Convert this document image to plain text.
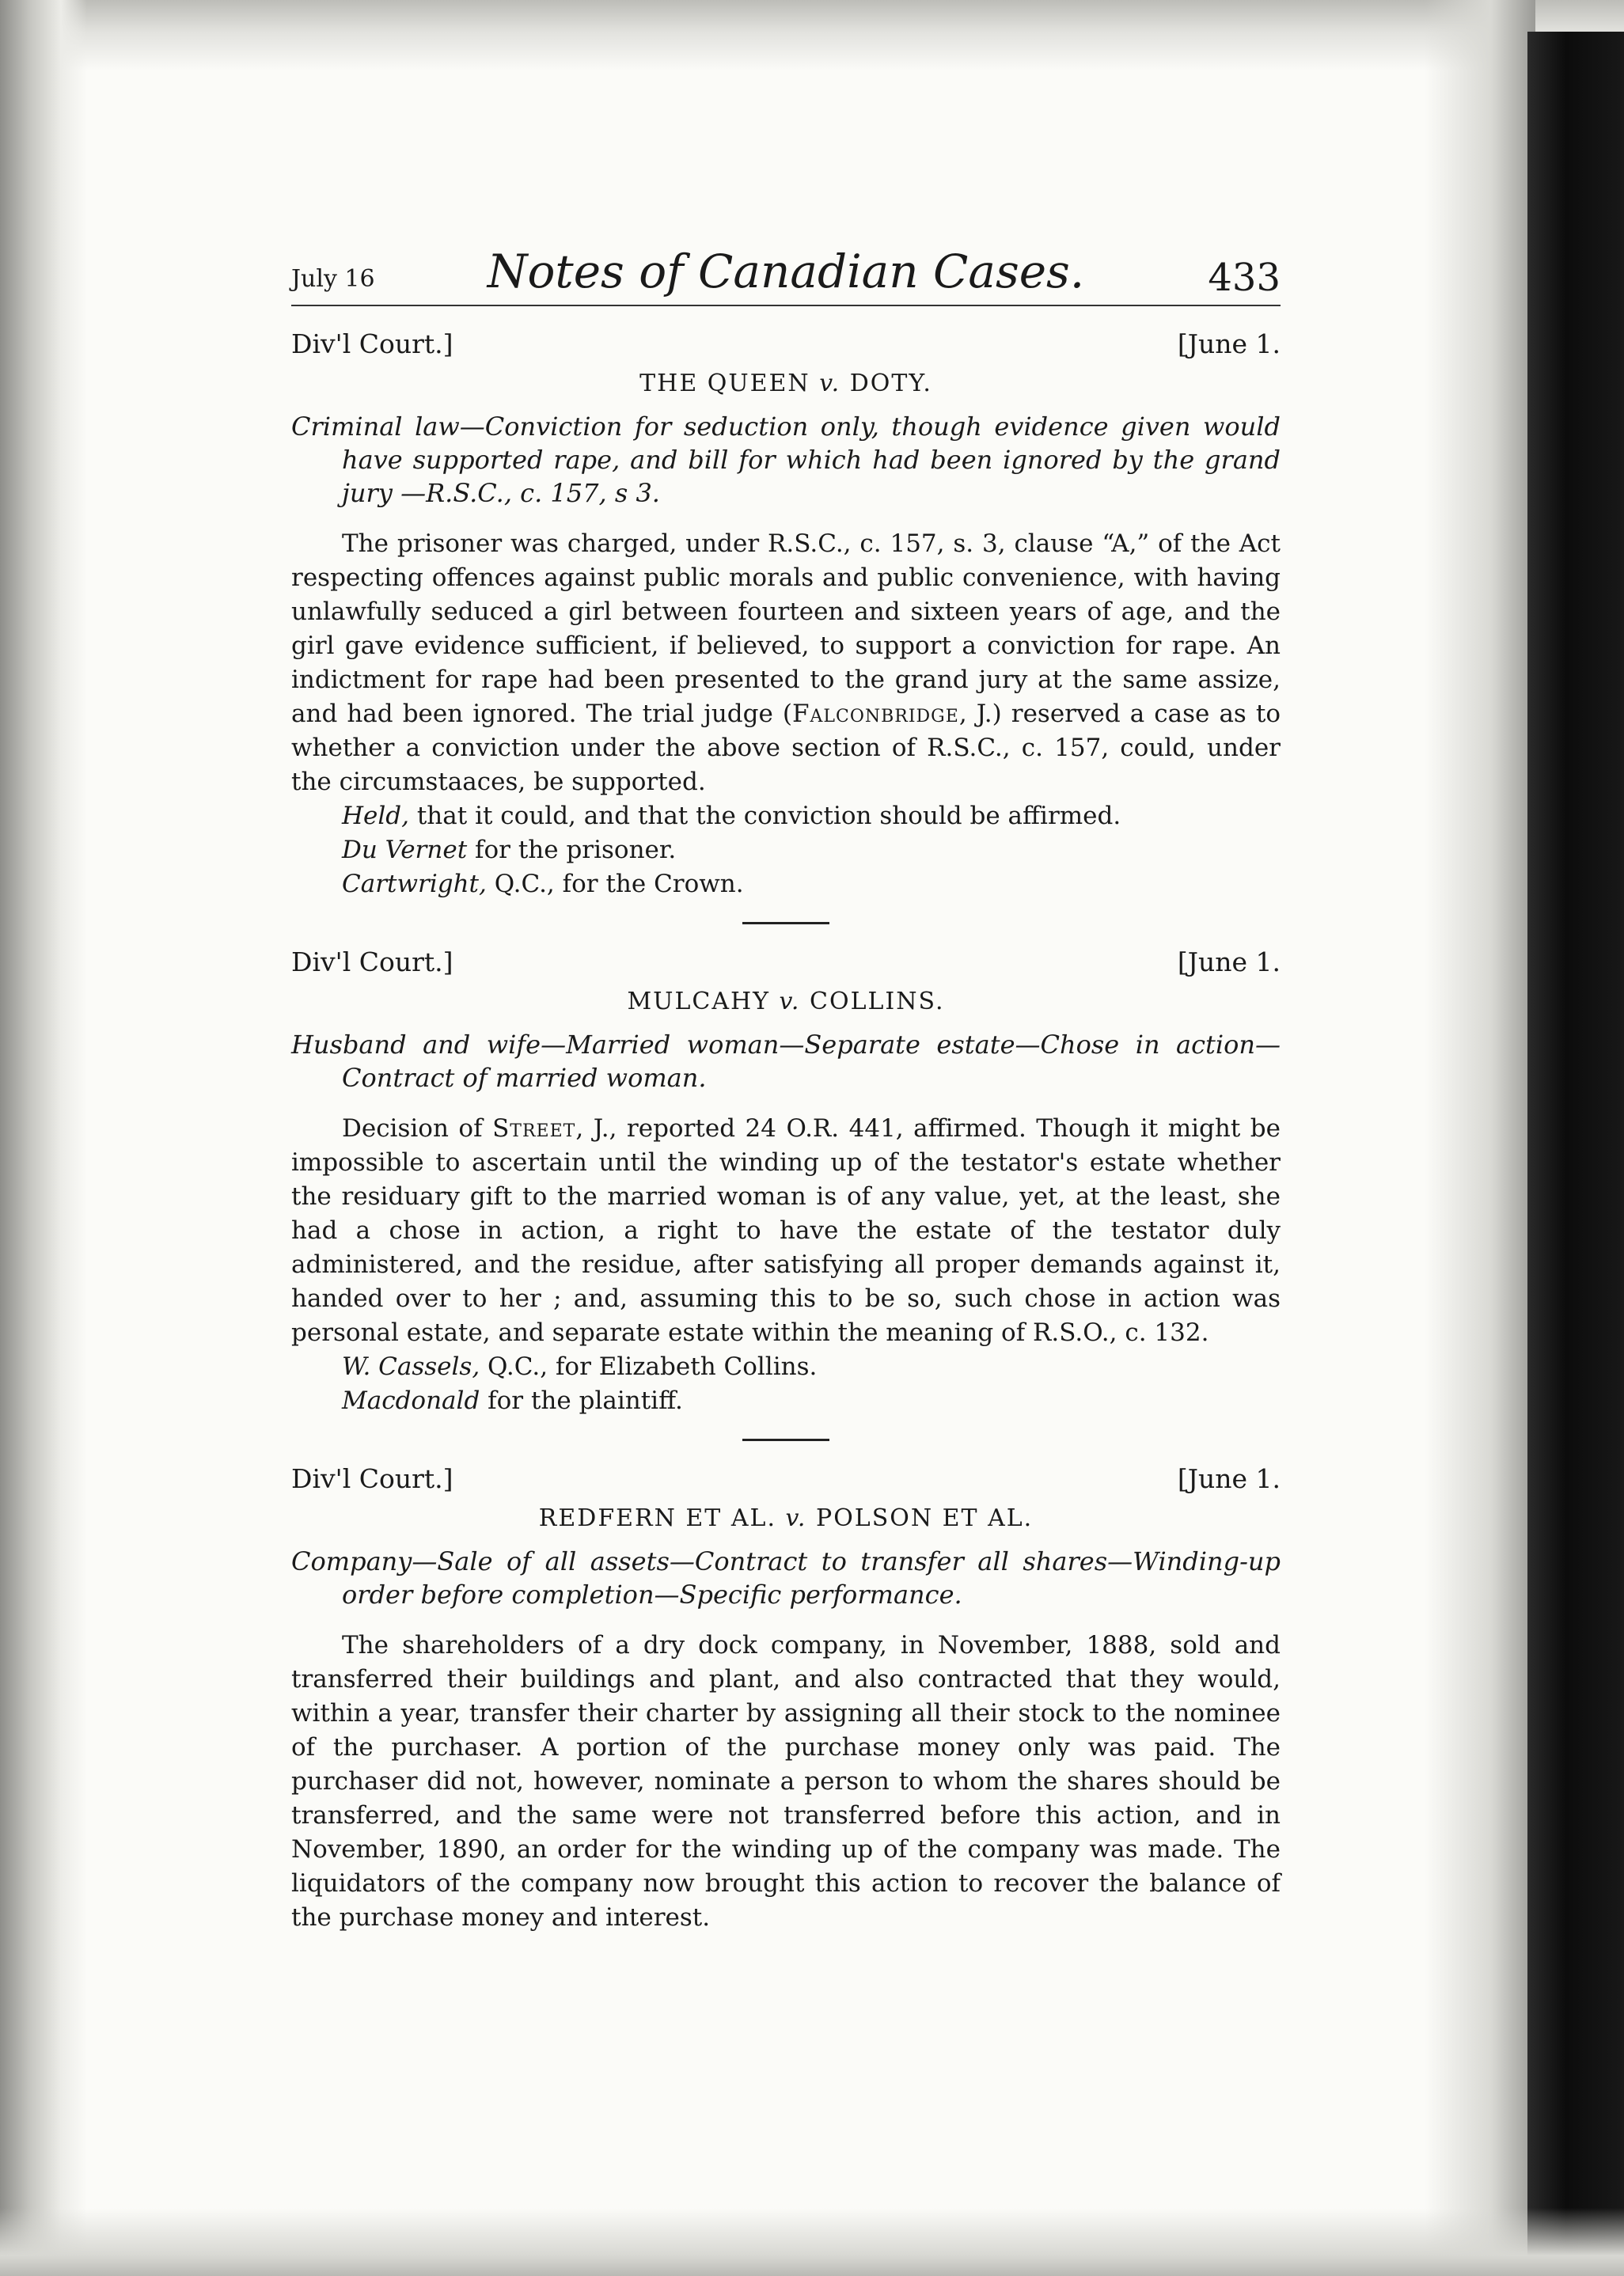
July 16	Notes of Canadian Cases.	433
Div'l Court.]	[June 1.
THE QUEEN v. DOTY.

Criminal law—Conviction for seduction only, though evidence given would have supported rape, and bill for which had been ignored by the grand jury —R.S.C., c. 157, s 3.

The prisoner was charged, under R.S.C., c. 157, s. 3, clause “A,” of the Act respecting offences against public morals and public convenience, with having unlawfully seduced a girl between fourteen and sixteen years of age, and the girl gave evidence sufficient, if believed, to support a conviction for rape. An indictment for rape had been presented to the grand jury at the same assize, and had been ignored. The trial judge (Falconbridge, J.) reserved a case as to whether a conviction under the above section of R.S.C., c. 157, could, under the circumstaaces, be supported.

Held, that it could, and that the conviction should be affirmed.

Du Vernet for the prisoner.

Cartwright, Q.C., for the Crown.

Div'l Court.]	[June 1.
MULCAHY v. COLLINS.

Husband and wife—Married woman—Separate estate—Chose in action—Contract of married woman.

Decision of Street, J., reported 24 O.R. 441, affirmed. Though it might be impossible to ascertain until the winding up of the testator's estate whether the residuary gift to the married woman is of any value, yet, at the least, she had a chose in action, a right to have the estate of the testator duly administered, and the residue, after satisfying all proper demands against it, handed over to her ; and, assuming this to be so, such chose in action was personal estate, and separate estate within the meaning of R.S.O., c. 132.

W. Cassels, Q.C., for Elizabeth Collins.

Macdonald for the plaintiff.

Div'l Court.]	[June 1.
REDFERN ET AL. v. POLSON ET AL.

Company—Sale of all assets—Contract to transfer all shares—Winding-up order before completion—Specific performance.

The shareholders of a dry dock company, in November, 1888, sold and transferred their buildings and plant, and also contracted that they would, within a year, transfer their charter by assigning all their stock to the nominee of the purchaser. A portion of the purchase money only was paid. The purchaser did not, however, nominate a person to whom the shares should be transferred, and the same were not transferred before this action, and in November, 1890, an order for the winding up of the company was made. The liquidators of the company now brought this action to recover the balance of the purchase money and interest.
